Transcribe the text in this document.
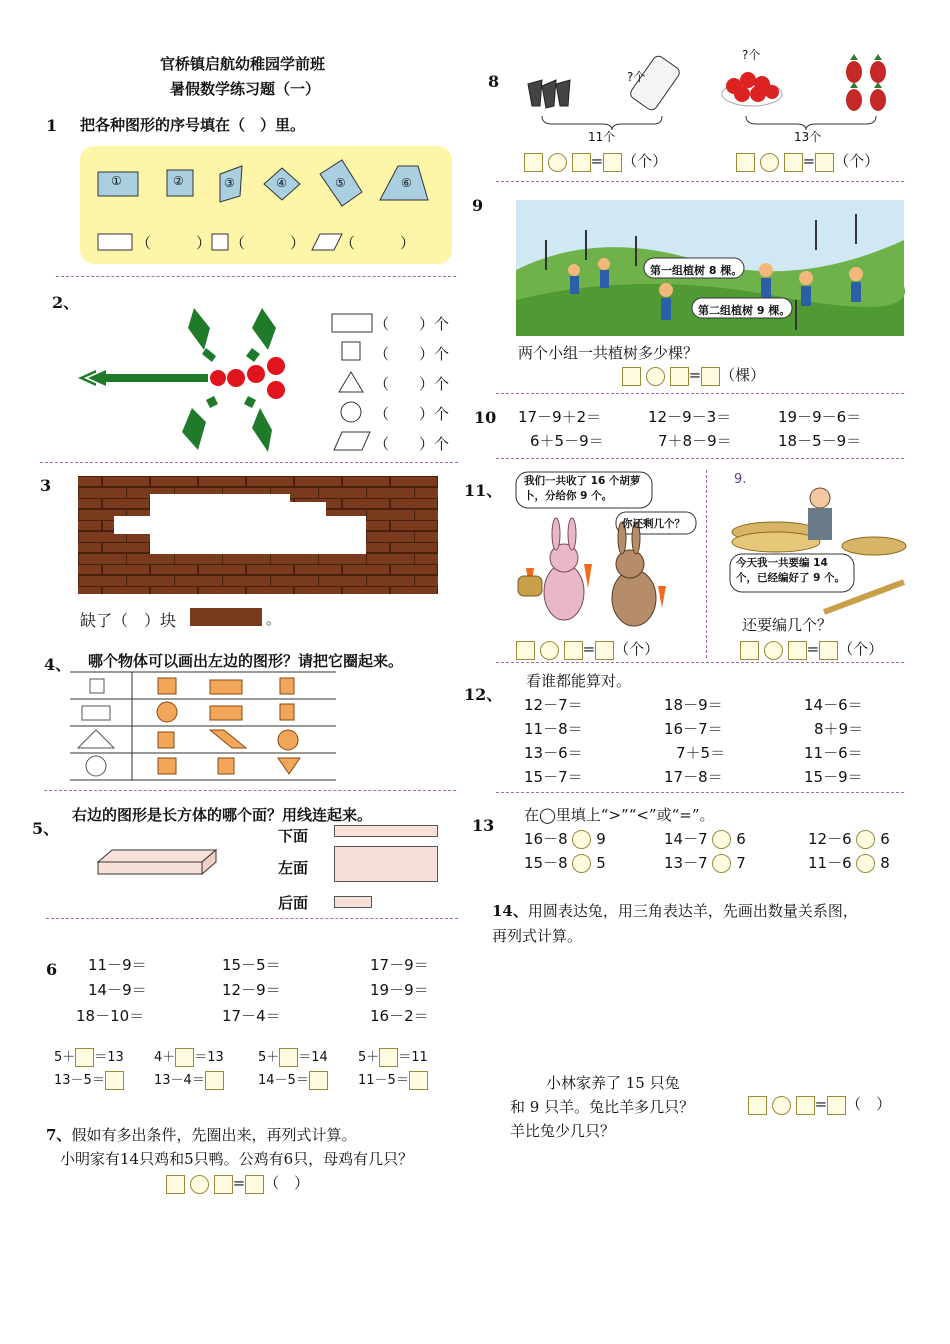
官桥镇启航幼稚园学前班
暑假数学练习题（一）
1 把各种图形的序号填在（　）里。
①	②	③	④	⑤	⑥
（　　　） （　　　） （　　　）
2、
（　　）个
（　　）个
（　　）个
（　　）个
（　　）个
3
缺了（　）块	。
4、 哪个物体可以画出左边的图形？请把它圈起来。
5、
右边的图形是长方体的哪个面？用线连起来。
下面
左面
后面
6 11－9＝	15－5＝	17－9＝
14－9＝	12－9＝	19－9＝
18－10＝	17－4＝	16－2＝
5＋ ＝13 4＋ ＝13	5＋ ＝14 5＋ ＝11
13－5＝	13－4＝	14－5＝	11－5＝
7、假如有多出条件，先圈出来，再列式计算。
小明家有14只鸡和5只鸭。公鸡有6只，母鸡有几只？
= （　）
8	?个
11个
?个
13个
= （个）	= （个）
9
第一组植树 8 棵。
第二组植树 9 棵。
两个小组一共植树多少棵？
= （棵）
10 17－9＋2＝	12－9－3＝	19－9－6＝
6＋5－9＝	7＋8－9＝	18－5－9＝
11、 我们一共收了 16 个胡萝卜，分给你 9 个。
你还剩几个？
9.
今天我一共要编 14 个，已经编好了 9 个。
还要编几个？
= （个）	= （个）
12、
看谁都能算对。
12－7＝	18－9＝	14－6＝
11－8＝	16－7＝	8＋9＝
13－6＝	7＋5＝	11－6＝
15－7＝	17－8＝	15－9＝
13
在◯里填上“>”“<”或“=”。
16－8 9	14－7 6	12－6 6
15－8 5	13－7 7	11－6 8
14、用圆表达兔，用三角表达羊，先画出数量关系图，
再列式计算。
小林家养了 15 只兔
和 9 只羊。兔比羊多几只？
羊比兔少几只？
= （　）
